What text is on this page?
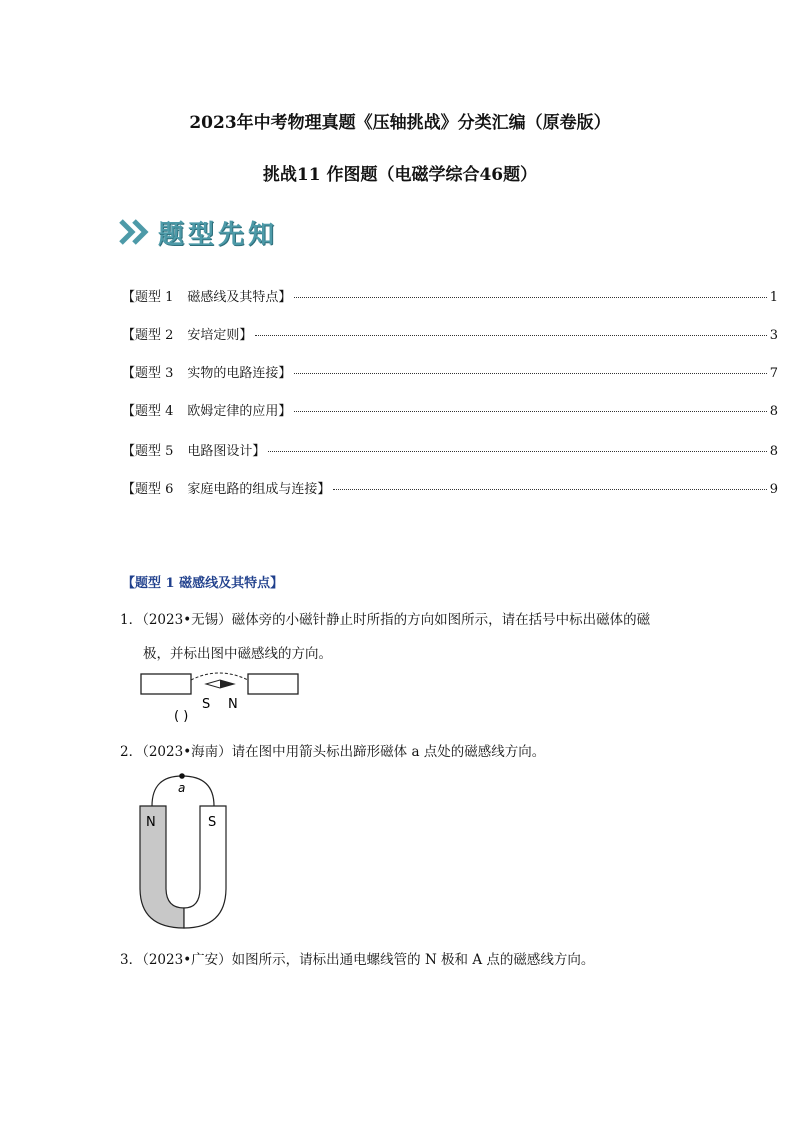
2023年中考物理真题《压轴挑战》分类汇编（原卷版）
挑战11 作图题（电磁学综合46题）
题型先知
【题型 1 磁感线及其特点】	1
【题型 2 安培定则】	3
【题型 3 实物的电路连接】	7
【题型 4 欧姆定律的应用】	8
【题型 5 电路图设计】	8
【题型 6 家庭电路的组成与连接】	9
【题型 1 磁感线及其特点】
1．（2023•无锡）磁体旁的小磁针静止时所指的方向如图所示，请在括号中标出磁体的磁
极，并标出图中磁感线的方向。
( )
S N
2．（2023•海南）请在图中用箭头标出蹄形磁体 a 点处的磁感线方向。
a
N	S
3．（2023•广安）如图所示，请标出通电螺线管的 N 极和 A 点的磁感线方向。
